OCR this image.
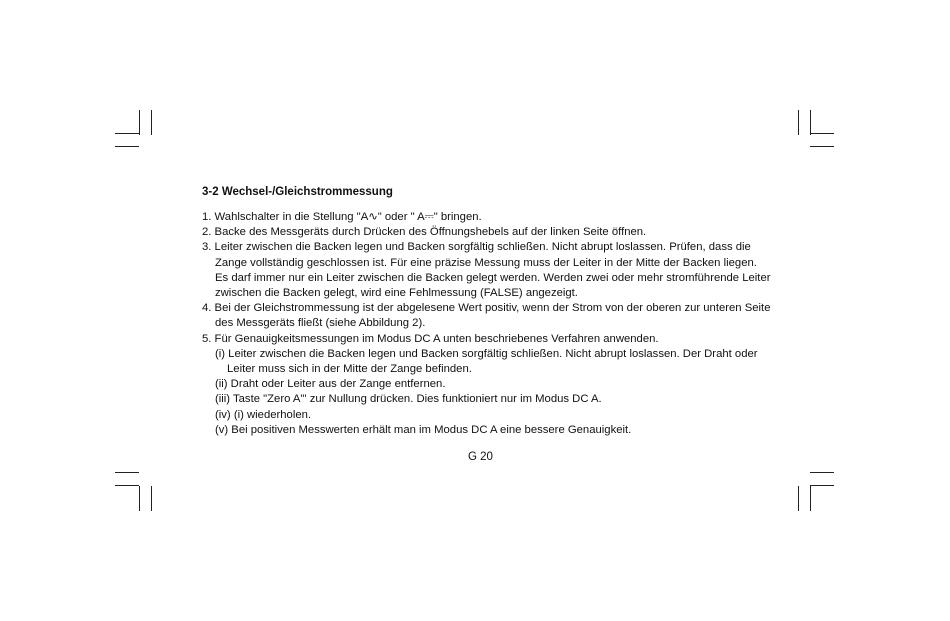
3-2 Wechsel-/Gleichstrommessung
1. Wahlschalter in die Stellung "A∿" oder " A⎓" bringen.
2. Backe des Messgeräts durch Drücken des Öffnungshebels auf der linken Seite öffnen.
3. Leiter zwischen die Backen legen und Backen sorgfältig schließen. Nicht abrupt loslassen. Prüfen, dass die
Zange vollständig geschlossen ist. Für eine präzise Messung muss der Leiter in der Mitte der Backen liegen.
Es darf immer nur ein Leiter zwischen die Backen gelegt werden. Werden zwei oder mehr stromführende Leiter
zwischen die Backen gelegt, wird eine Fehlmessung (FALSE) angezeigt.
4. Bei der Gleichstrommessung ist der abgelesene Wert positiv, wenn der Strom von der oberen zur unteren Seite
des Messgeräts fließt (siehe Abbildung 2).
5. Für Genauigkeitsmessungen im Modus DC A unten beschriebenes Verfahren anwenden.
(i) Leiter zwischen die Backen legen und Backen sorgfältig schließen. Nicht abrupt loslassen. Der Draht oder
Leiter muss sich in der Mitte der Zange befinden.
(ii) Draht oder Leiter aus der Zange entfernen.
(iii) Taste "Zero A"' zur Nullung drücken. Dies funktioniert nur im Modus DC A.
(iv) (i) wiederholen.
(v) Bei positiven Messwerten erhält man im Modus DC A eine bessere Genauigkeit.
G 20
